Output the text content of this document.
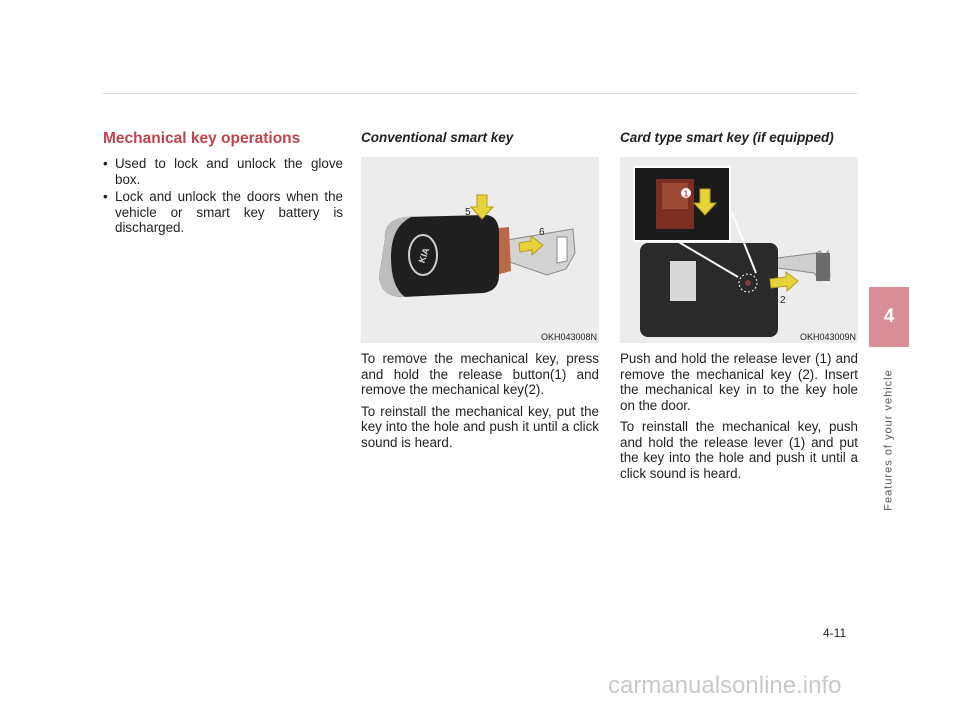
Mechanical key operations
• Used to lock and unlock the glove box.
• Lock and unlock the doors when the vehicle or smart key battery is discharged.
Conventional smart key
KIA
5
6
OKH043008N

To remove the mechanical key, press and hold the release button(1) and remove the mechanical key(2).

To reinstall the mechanical key, put the key into the hole and push it until a click sound is heard.

Card type smart key (if equipped)
1
2
OKH043009N

Push and hold the release lever (1) and remove the mechanical key (2). Insert the mechanical key in to the key hole on the door.

To reinstall the mechanical key, push and hold the release lever (1) and put the key into the hole and push it until a click sound is heard.

4
Features of your vehicle
4-11
carmanualsonline.info
